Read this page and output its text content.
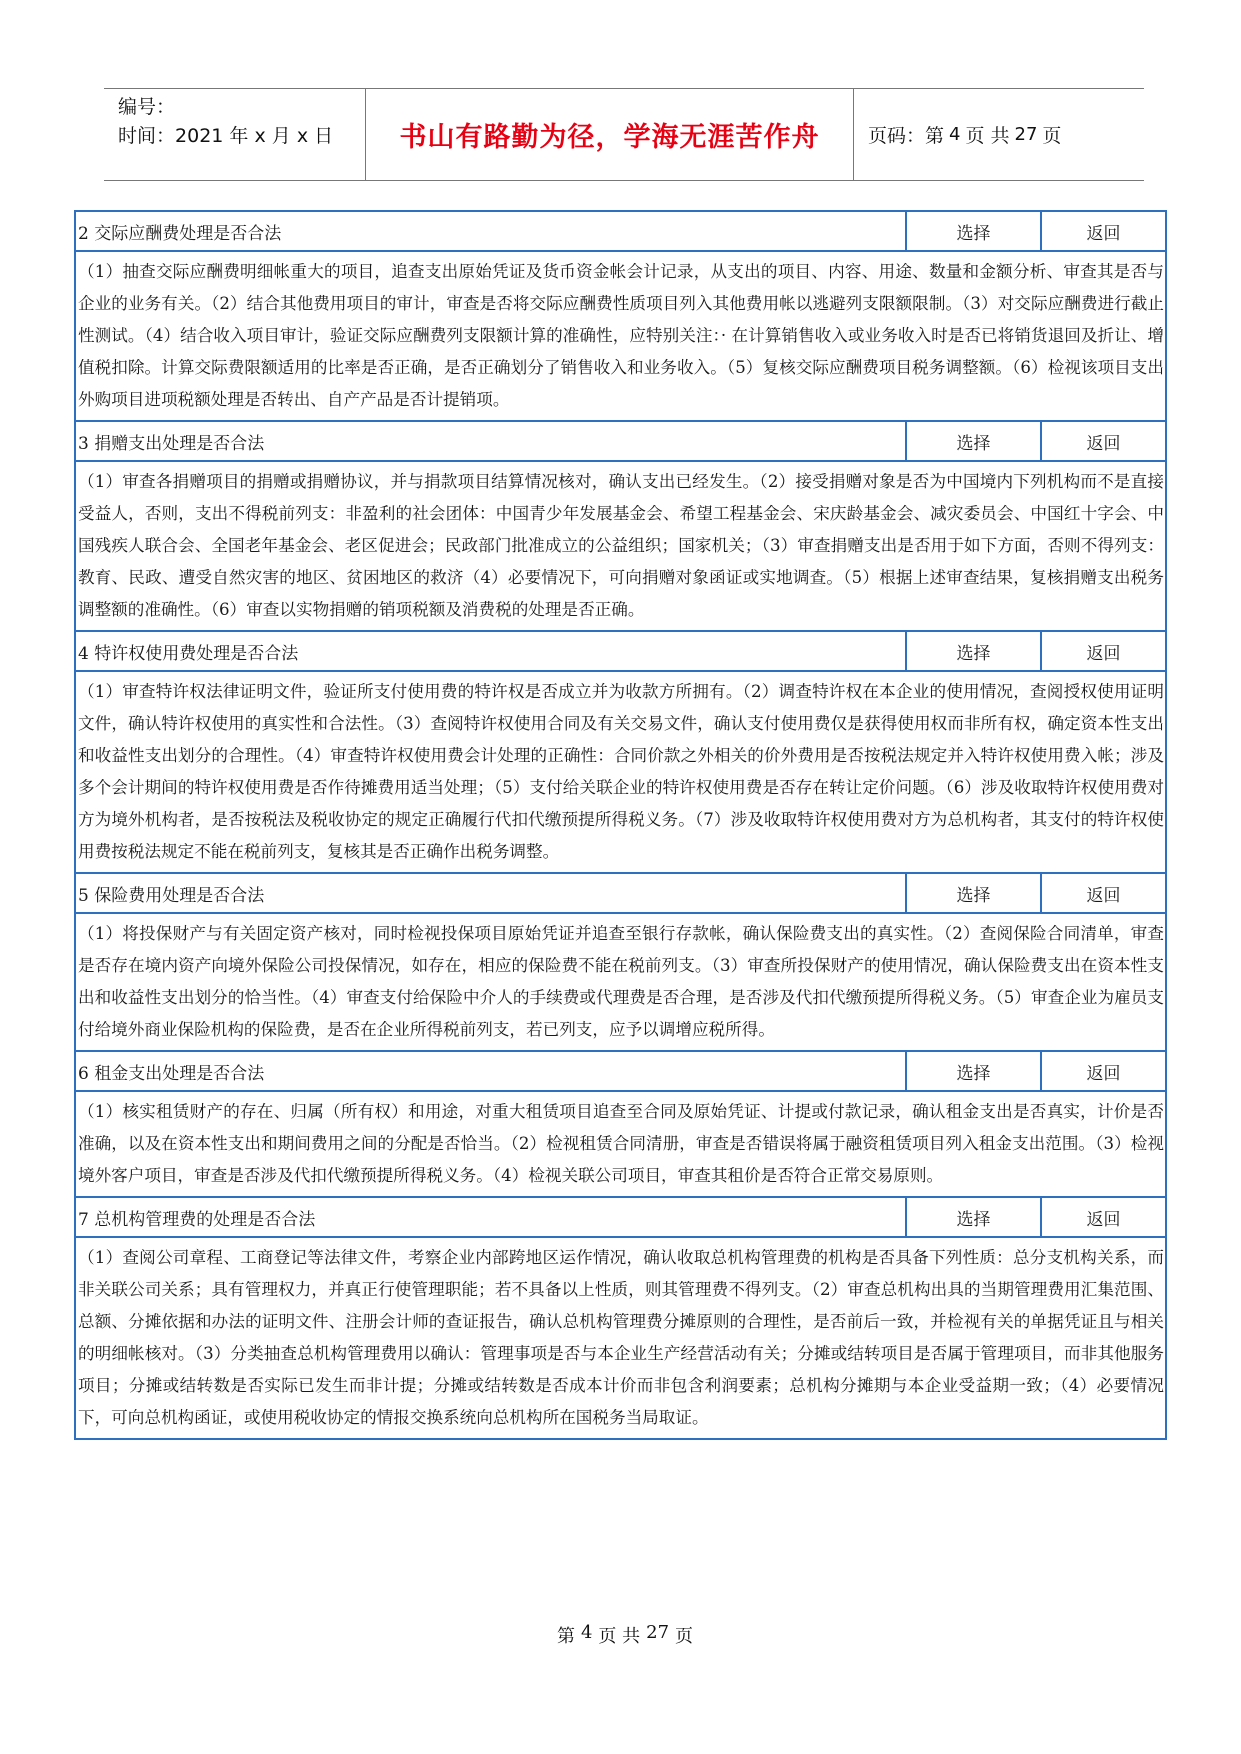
编号：
时间：2021 年 x 月 x 日	书山有路勤为径，学海无涯苦作舟	页码：第 4 页 共 27 页
2 交际应酬费处理是否合法	选择	返回
（1）抽查交际应酬费明细帐重大的项目，追查支出原始凭证及货币资金帐会计记录，从支出的项目、内容、用途、数量和金额分析、审查其是否与企业的业务有关。（2）结合其他费用项目的审计，审查是否将交际应酬费性质项目列入其他费用帐以逃避列支限额限制。（3）对交际应酬费进行截止性测试。（4）结合收入项目审计，验证交际应酬费列支限额计算的准确性，应特别关注：· 在计算销售收入或业务收入时是否已将销货退回及折让、增值税扣除。计算交际费限额适用的比率是否正确，是否正确划分了销售收入和业务收入。（5）复核交际应酬费项目税务调整额。（6）检视该项目支出外购项目进项税额处理是否转出、自产产品是否计提销项。
3 捐赠支出处理是否合法	选择	返回
（1）审查各捐赠项目的捐赠或捐赠协议，并与捐款项目结算情况核对，确认支出已经发生。（2）接受捐赠对象是否为中国境内下列机构而不是直接受益人，否则，支出不得税前列支：非盈利的社会团体：中国青少年发展基金会、希望工程基金会、宋庆龄基金会、减灾委员会、中国红十字会、中国残疾人联合会、全国老年基金会、老区促进会；民政部门批准成立的公益组织；国家机关；（3）审查捐赠支出是否用于如下方面，否则不得列支：教育、民政、遭受自然灾害的地区、贫困地区的救济（4）必要情况下，可向捐赠对象函证或实地调查。（5）根据上述审查结果，复核捐赠支出税务调整额的准确性。（6）审查以实物捐赠的销项税额及消费税的处理是否正确。
4 特许权使用费处理是否合法	选择	返回
（1）审查特许权法律证明文件，验证所支付使用费的特许权是否成立并为收款方所拥有。（2）调查特许权在本企业的使用情况，查阅授权使用证明文件，确认特许权使用的真实性和合法性。（3）查阅特许权使用合同及有关交易文件，确认支付使用费仅是获得使用权而非所有权，确定资本性支出和收益性支出划分的合理性。（4）审查特许权使用费会计处理的正确性：合同价款之外相关的价外费用是否按税法规定并入特许权使用费入帐；涉及多个会计期间的特许权使用费是否作待摊费用适当处理；（5）支付给关联企业的特许权使用费是否存在转让定价问题。（6）涉及收取特许权使用费对方为境外机构者，是否按税法及税收协定的规定正确履行代扣代缴预提所得税义务。（7）涉及收取特许权使用费对方为总机构者，其支付的特许权使用费按税法规定不能在税前列支，复核其是否正确作出税务调整。
5 保险费用处理是否合法	选择	返回
（1）将投保财产与有关固定资产核对，同时检视投保项目原始凭证并追查至银行存款帐，确认保险费支出的真实性。（2）查阅保险合同清单，审查是否存在境内资产向境外保险公司投保情况，如存在，相应的保险费不能在税前列支。（3）审查所投保财产的使用情况，确认保险费支出在资本性支出和收益性支出划分的恰当性。（4）审查支付给保险中介人的手续费或代理费是否合理，是否涉及代扣代缴预提所得税义务。（5）审查企业为雇员支付给境外商业保险机构的保险费，是否在企业所得税前列支，若已列支，应予以调增应税所得。
6 租金支出处理是否合法	选择	返回
（1）核实租赁财产的存在、归属（所有权）和用途，对重大租赁项目追查至合同及原始凭证、计提或付款记录，确认租金支出是否真实，计价是否准确，以及在资本性支出和期间费用之间的分配是否恰当。（2）检视租赁合同清册，审查是否错误将属于融资租赁项目列入租金支出范围。（3）检视境外客户项目，审查是否涉及代扣代缴预提所得税义务。（4）检视关联公司项目，审查其租价是否符合正常交易原则。
7 总机构管理费的处理是否合法	选择	返回
（1）查阅公司章程、工商登记等法律文件，考察企业内部跨地区运作情况，确认收取总机构管理费的机构是否具备下列性质：总分支机构关系，而非关联公司关系；具有管理权力，并真正行使管理职能；若不具备以上性质，则其管理费不得列支。（2）审查总机构出具的当期管理费用汇集范围、总额、分摊依据和办法的证明文件、注册会计师的查证报告，确认总机构管理费分摊原则的合理性，是否前后一致，并检视有关的单据凭证且与相关的明细帐核对。（3）分类抽查总机构管理费用以确认：管理事项是否与本企业生产经营活动有关；分摊或结转项目是否属于管理项目，而非其他服务项目；分摊或结转数是否实际已发生而非计提；分摊或结转数是否成本计价而非包含利润要素；总机构分摊期与本企业受益期一致；（4）必要情况下，可向总机构函证，或使用税收协定的情报交换系统向总机构所在国税务当局取证。
第 4 页 共 27 页
